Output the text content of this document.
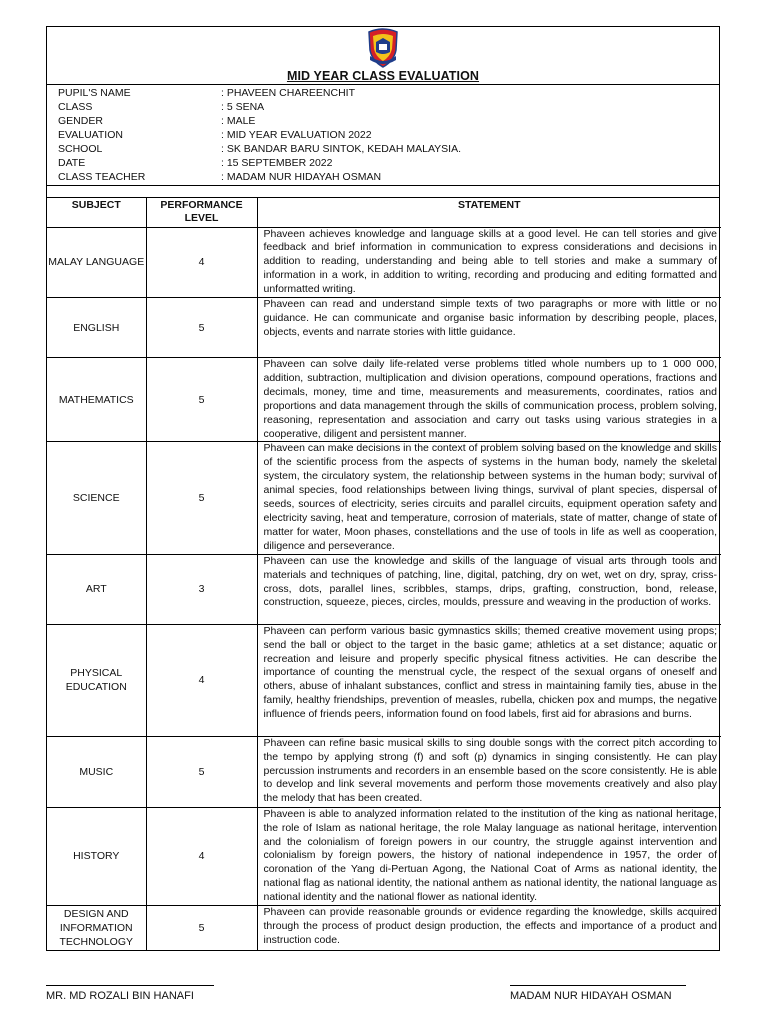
MID YEAR CLASS EVALUATION
PUPIL'S NAME	: PHAVEEN CHAREENCHIT
CLASS	: 5 SENA
GENDER	: MALE
EVALUATION	: MID YEAR EVALUATION 2022
SCHOOL	: SK BANDAR BARU SINTOK, KEDAH MALAYSIA.
DATE	: 15 SEPTEMBER 2022
CLASS TEACHER	: MADAM NUR HIDAYAH OSMAN
SUBJECT	PERFORMANCE LEVEL	STATEMENT
MALAY LANGUAGE	4	Phaveen achieves knowledge and language skills at a good level. He can tell stories and give feedback and brief information in communication to express considerations and decisions in addition to reading, understanding and being able to tell stories and make a summary of information in a work, in addition to writing, recording and producing and editing formatted and unformatted writing.
ENGLISH	5	Phaveen can read and understand simple texts of two paragraphs or more with little or no guidance. He can communicate and organise basic information by describing people, places, objects, events and narrate stories with little guidance.
MATHEMATICS	5	Phaveen can solve daily life-related verse problems titled whole numbers up to 1 000 000, addition, subtraction, multiplication and division operations, compound operations, fractions and decimals, money, time and time, measurements and measurements, coordinates, ratios and proportions and data management through the skills of communication process, problem solving, reasoning, representation and association and carry out tasks using various strategies in a cooperative, diligent and persistent manner.
SCIENCE	5	Phaveen can make decisions in the context of problem solving based on the knowledge and skills of the scientific process from the aspects of systems in the human body, namely the skeletal system, the circulatory system, the relationship between systems in the human body; survival of animal species, food relationships between living things, survival of plant species, dispersal of seeds, sources of electricity, series circuits and parallel circuits, equipment operation safety and electricity saving, heat and temperature, corrosion of materials, state of matter, change of state of matter for water, Moon phases, constellations and the use of tools in life as well as cooperation, diligence and perseverance.
ART	3	Phaveen can use the knowledge and skills of the language of visual arts through tools and materials and techniques of patching, line, digital, patching, dry on wet, wet on dry, spray, criss-cross, dots, parallel lines, scribbles, stamps, drips, grafting, construction, bond, release, construction, squeeze, pieces, circles, moulds, pressure and weaving in the production of works.
PHYSICAL EDUCATION	4	Phaveen can perform various basic gymnastics skills; themed creative movement using props; send the ball or object to the target in the basic game; athletics at a set distance; aquatic or recreation and leisure and properly specific physical fitness activities. He can describe the importance of counting the menstrual cycle, the respect of the sexual organs of oneself and others, abuse of inhalant substances, conflict and stress in maintaining family ties, abuse in the family, healthy friendships, prevention of measles, rubella, chicken pox and mumps, the negative influence of friends peers, information found on food labels, first aid for abrasions and burns.
MUSIC	5	Phaveen can refine basic musical skills to sing double songs with the correct pitch according to the tempo by applying strong (f) and soft (p) dynamics in singing consistently. He can play percussion instruments and recorders in an ensemble based on the score consistently. He is able to develop and link several movements and perform those movements creatively and also play the melody that has been created.
HISTORY	4	Phaveen is able to analyzed information related to the institution of the king as national heritage, the role of Islam as national heritage, the role Malay language as national heritage, intervention and the colonialism of foreign powers in our country, the struggle against intervention and colonialism by foreign powers, the history of national independence in 1957, the order of coronation of the Yang di-Pertuan Agong, the National Coat of Arms as national identity, the national flag as national identity, the national anthem as national identity, the national language as national identity and the national flower as national identity.
DESIGN AND INFORMATION TECHNOLOGY	5	Phaveen can provide reasonable grounds or evidence regarding the knowledge, skills acquired through the process of product design production, the effects and importance of a product and instruction code.
MR. MD ROZALI BIN HANAFI	MADAM NUR HIDAYAH OSMAN
